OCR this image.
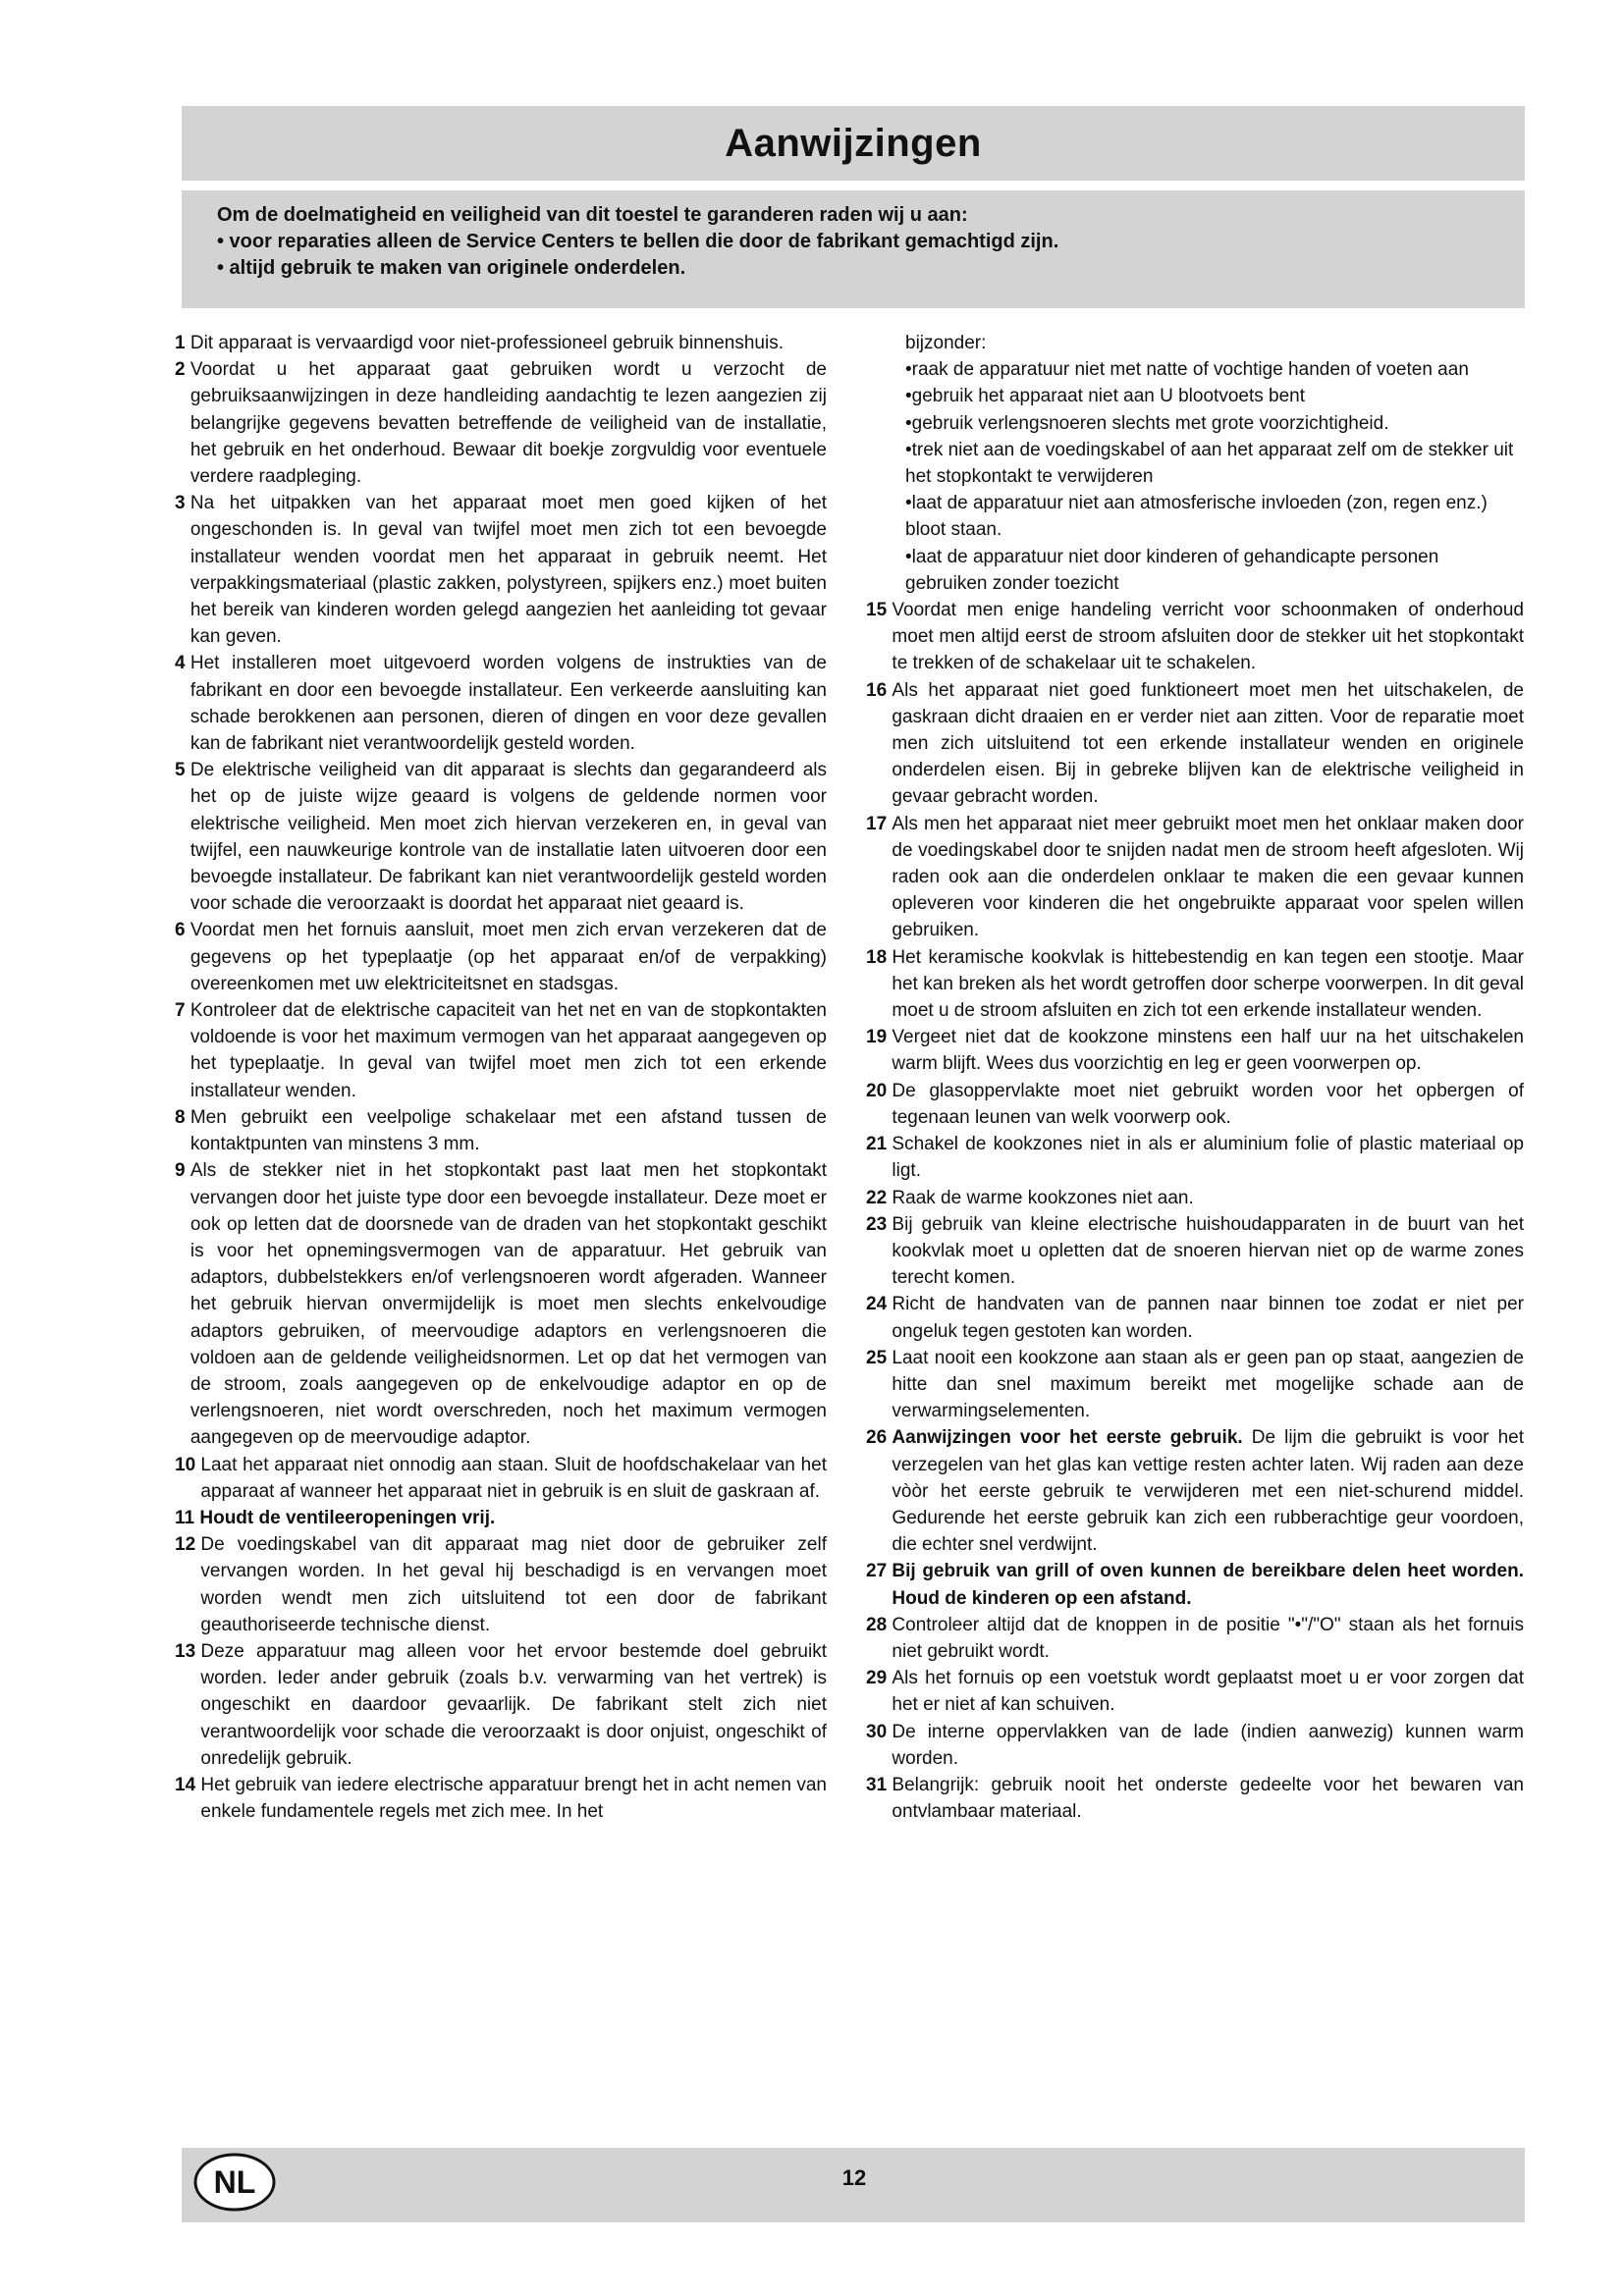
Aanwijzingen

Om de doelmatigheid en veiligheid van dit toestel te garanderen raden wij u aan:

• voor reparaties alleen de Service Centers te bellen die door de fabrikant gemachtigd zijn.

• altijd gebruik te maken van originele onderdelen.

1 Dit apparaat is vervaardigd voor niet-professioneel gebruik binnenshuis.
2 Voordat u het apparaat gaat gebruiken wordt u verzocht de gebruiksaanwijzingen in deze handleiding aandachtig te lezen aangezien zij belangrijke gegevens bevatten betreffende de veiligheid van de installatie, het gebruik en het onderhoud. Bewaar dit boekje zorgvuldig voor eventuele verdere raadpleging.
3 Na het uitpakken van het apparaat moet men goed kijken of het ongeschonden is. In geval van twijfel moet men zich tot een bevoegde installateur wenden voordat men het apparaat in gebruik neemt. Het verpakkingsmateriaal (plastic zakken, polystyreen, spijkers enz.) moet buiten het bereik van kinderen worden gelegd aangezien het aanleiding tot gevaar kan geven.
4 Het installeren moet uitgevoerd worden volgens de instrukties van de fabrikant en door een bevoegde installateur. Een verkeerde aansluiting kan schade berokkenen aan personen, dieren of dingen en voor deze gevallen kan de fabrikant niet verantwoordelijk gesteld worden.
5 De elektrische veiligheid van dit apparaat is slechts dan gegarandeerd als het op de juiste wijze geaard is volgens de geldende normen voor elektrische veiligheid. Men moet zich hiervan verzekeren en, in geval van twijfel, een nauwkeurige kontrole van de installatie laten uitvoeren door een bevoegde installateur. De fabrikant kan niet verantwoordelijk gesteld worden voor schade die veroorzaakt is doordat het apparaat niet geaard is.
6 Voordat men het fornuis aansluit, moet men zich ervan verzekeren dat de gegevens op het typeplaatje (op het apparaat en/of de verpakking) overeenkomen met uw elektriciteitsnet en stadsgas.
7 Kontroleer dat de elektrische capaciteit van het net en van de stopkontakten voldoende is voor het maximum vermogen van het apparaat aangegeven op het typeplaatje. In geval van twijfel moet men zich tot een erkende installateur wenden.
8 Men gebruikt een veelpolige schakelaar met een afstand tussen de kontaktpunten van minstens 3 mm.
9 Als de stekker niet in het stopkontakt past laat men het stopkontakt vervangen door het juiste type door een bevoegde installateur. Deze moet er ook op letten dat de doorsnede van de draden van het stopkontakt geschikt is voor het opnemingsvermogen van de apparatuur. Het gebruik van adaptors, dubbelstekkers en/of verlengsnoeren wordt afgeraden. Wanneer het gebruik hiervan onvermijdelijk is moet men slechts enkelvoudige adaptors gebruiken, of meervoudige adaptors en verlengsnoeren die voldoen aan de geldende veiligheidsnormen. Let op dat het vermogen van de stroom, zoals aangegeven op de enkelvoudige adaptor en op de verlengsnoeren, niet wordt overschreden, noch het maximum vermogen aangegeven op de meervoudige adaptor.
10 Laat het apparaat niet onnodig aan staan. Sluit de hoofdschakelaar van het apparaat af wanneer het apparaat niet in gebruik is en sluit de gaskraan af.
11 Houdt de ventileeropeningen vrij.
12 De voedingskabel van dit apparaat mag niet door de gebruiker zelf vervangen worden. In het geval hij beschadigd is en vervangen moet worden wendt men zich uitsluitend tot een door de fabrikant geauthoriseerde technische dienst.
13 Deze apparatuur mag alleen voor het ervoor bestemde doel gebruikt worden. Ieder ander gebruik (zoals b.v. verwarming van het vertrek) is ongeschikt en daardoor gevaarlijk. De fabrikant stelt zich niet verantwoordelijk voor schade die veroorzaakt is door onjuist, ongeschikt of onredelijk gebruik.
14 Het gebruik van iedere electrische apparatuur brengt het in acht nemen van enkele fundamentele regels met zich mee. In het
bijzonder:
•raak de apparatuur niet met natte of vochtige handen of voeten aan
•gebruik het apparaat niet aan U blootvoets bent
•gebruik verlengsnoeren slechts met grote voorzichtigheid.
•trek niet aan de voedingskabel of aan het apparaat zelf om de stekker uit het stopkontakt te verwijderen
•laat de apparatuur niet aan atmosferische invloeden (zon, regen enz.) bloot staan.
•laat de apparatuur niet door kinderen of gehandicapte personen gebruiken zonder toezicht
15 Voordat men enige handeling verricht voor schoonmaken of onderhoud moet men altijd eerst de stroom afsluiten door de stekker uit het stopkontakt te trekken of de schakelaar uit te schakelen.
16 Als het apparaat niet goed funktioneert moet men het uitschakelen, de gaskraan dicht draaien en er verder niet aan zitten. Voor de reparatie moet men zich uitsluitend tot een erkende installateur wenden en originele onderdelen eisen. Bij in gebreke blijven kan de elektrische veiligheid in gevaar gebracht worden.
17 Als men het apparaat niet meer gebruikt moet men het onklaar maken door de voedingskabel door te snijden nadat men de stroom heeft afgesloten. Wij raden ook aan die onderdelen onklaar te maken die een gevaar kunnen opleveren voor kinderen die het ongebruikte apparaat voor spelen willen gebruiken.
18 Het keramische kookvlak is hittebestendig en kan tegen een stootje. Maar het kan breken als het wordt getroffen door scherpe voorwerpen. In dit geval moet u de stroom afsluiten en zich tot een erkende installateur wenden.
19 Vergeet niet dat de kookzone minstens een half uur na het uitschakelen warm blijft. Wees dus voorzichtig en leg er geen voorwerpen op.
20 De glasoppervlakte moet niet gebruikt worden voor het opbergen of tegenaan leunen van welk voorwerp ook.
21 Schakel de kookzones niet in als er aluminium folie of plastic materiaal op ligt.
22 Raak de warme kookzones niet aan.
23 Bij gebruik van kleine electrische huishoudapparaten in de buurt van het kookvlak moet u opletten dat de snoeren hiervan niet op de warme zones terecht komen.
24 Richt de handvaten van de pannen naar binnen toe zodat er niet per ongeluk tegen gestoten kan worden.
25 Laat nooit een kookzone aan staan als er geen pan op staat, aangezien de hitte dan snel maximum bereikt met mogelijke schade aan de verwarmingselementen.
26 Aanwijzingen voor het eerste gebruik. De lijm die gebruikt is voor het verzegelen van het glas kan vettige resten achter laten. Wij raden aan deze vòòr het eerste gebruik te verwijderen met een niet-schurend middel. Gedurende het eerste gebruik kan zich een rubberachtige geur voordoen, die echter snel verdwijnt.
27 Bij gebruik van grill of oven kunnen de bereikbare delen heet worden. Houd de kinderen op een afstand.
28 Controleer altijd dat de knoppen in de positie "•"/"O" staan als het fornuis niet gebruikt wordt.
29 Als het fornuis op een voetstuk wordt geplaatst moet u er voor zorgen dat het er niet af kan schuiven.
30 De interne oppervlakken van de lade (indien aanwezig) kunnen warm worden.
31 Belangrijk: gebruik nooit het onderste gedeelte voor het bewaren van ontvlambaar materiaal.
NL	12
